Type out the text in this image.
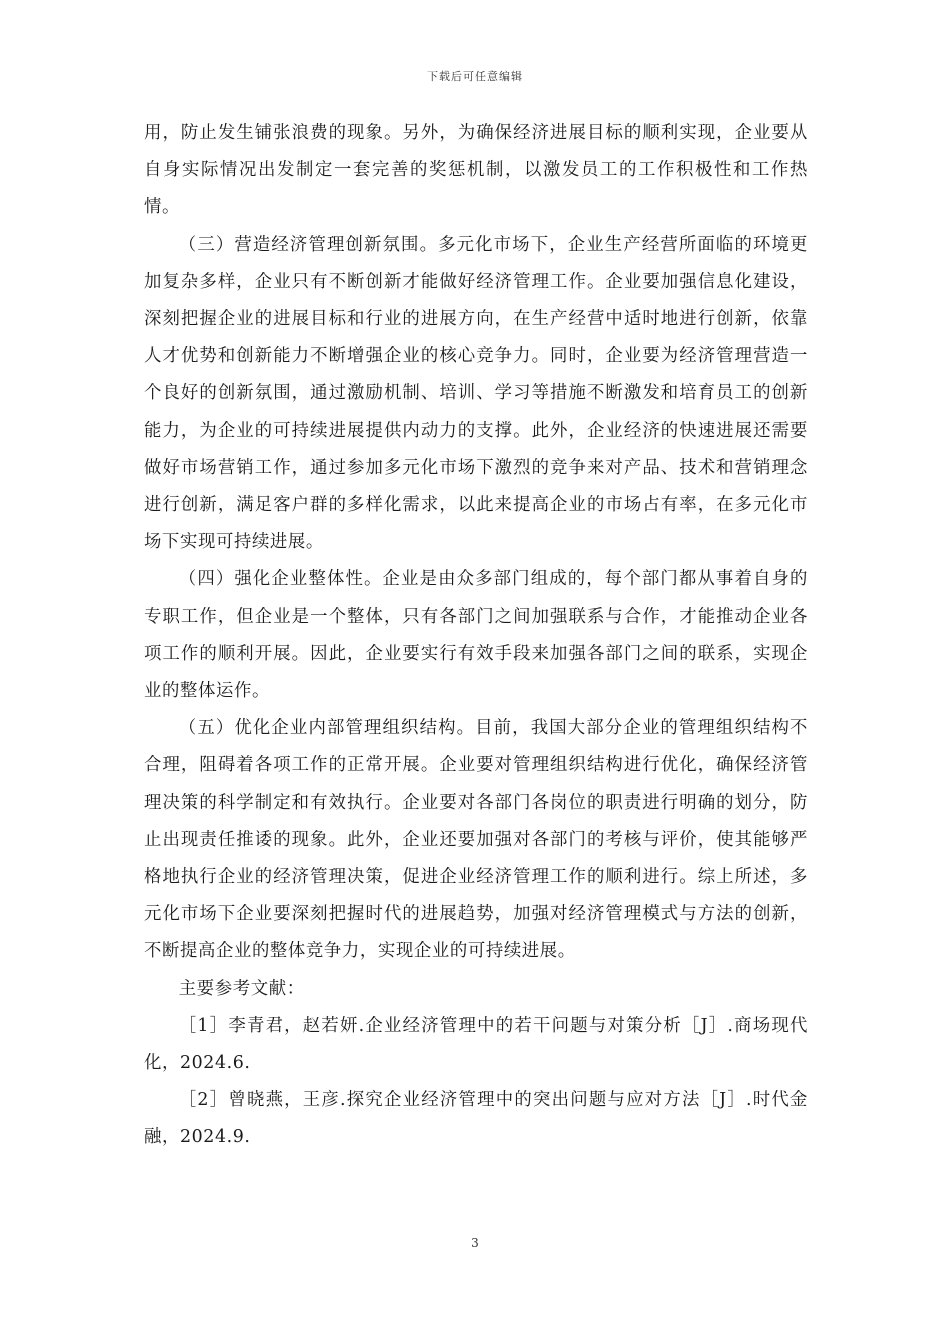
下载后可任意编辑

用，防止发生铺张浪费的现象。另外，为确保经济进展目标的顺利实现，企业要从自身实际情况出发制定一套完善的奖惩机制，以激发员工的工作积极性和工作热情。

（三）营造经济管理创新氛围。多元化市场下，企业生产经营所面临的环境更加复杂多样，企业只有不断创新才能做好经济管理工作。企业要加强信息化建设，深刻把握企业的进展目标和行业的进展方向，在生产经营中适时地进行创新，依靠人才优势和创新能力不断增强企业的核心竞争力。同时，企业要为经济管理营造一个良好的创新氛围，通过激励机制、培训、学习等措施不断激发和培育员工的创新能力，为企业的可持续进展提供内动力的支撑。此外，企业经济的快速进展还需要做好市场营销工作，通过参加多元化市场下激烈的竞争来对产品、技术和营销理念进行创新，满足客户群的多样化需求，以此来提高企业的市场占有率，在多元化市场下实现可持续进展。

（四）强化企业整体性。企业是由众多部门组成的，每个部门都从事着自身的专职工作，但企业是一个整体，只有各部门之间加强联系与合作，才能推动企业各项工作的顺利开展。因此，企业要实行有效手段来加强各部门之间的联系，实现企业的整体运作。

（五）优化企业内部管理组织结构。目前，我国大部分企业的管理组织结构不合理，阻碍着各项工作的正常开展。企业要对管理组织结构进行优化，确保经济管理决策的科学制定和有效执行。企业要对各部门各岗位的职责进行明确的划分，防止出现责任推诿的现象。此外，企业还要加强对各部门的考核与评价，使其能够严格地执行企业的经济管理决策，促进企业经济管理工作的顺利进行。综上所述，多元化市场下企业要深刻把握时代的进展趋势，加强对经济管理模式与方法的创新，不断提高企业的整体竞争力，实现企业的可持续进展。

主要参考文献：

［1］李青君，赵若妍.企业经济管理中的若干问题与对策分析［J］.商场现代化，2024.6.

［2］曾晓燕，王彦.探究企业经济管理中的突出问题与应对方法［J］.时代金融，2024.9.

3
